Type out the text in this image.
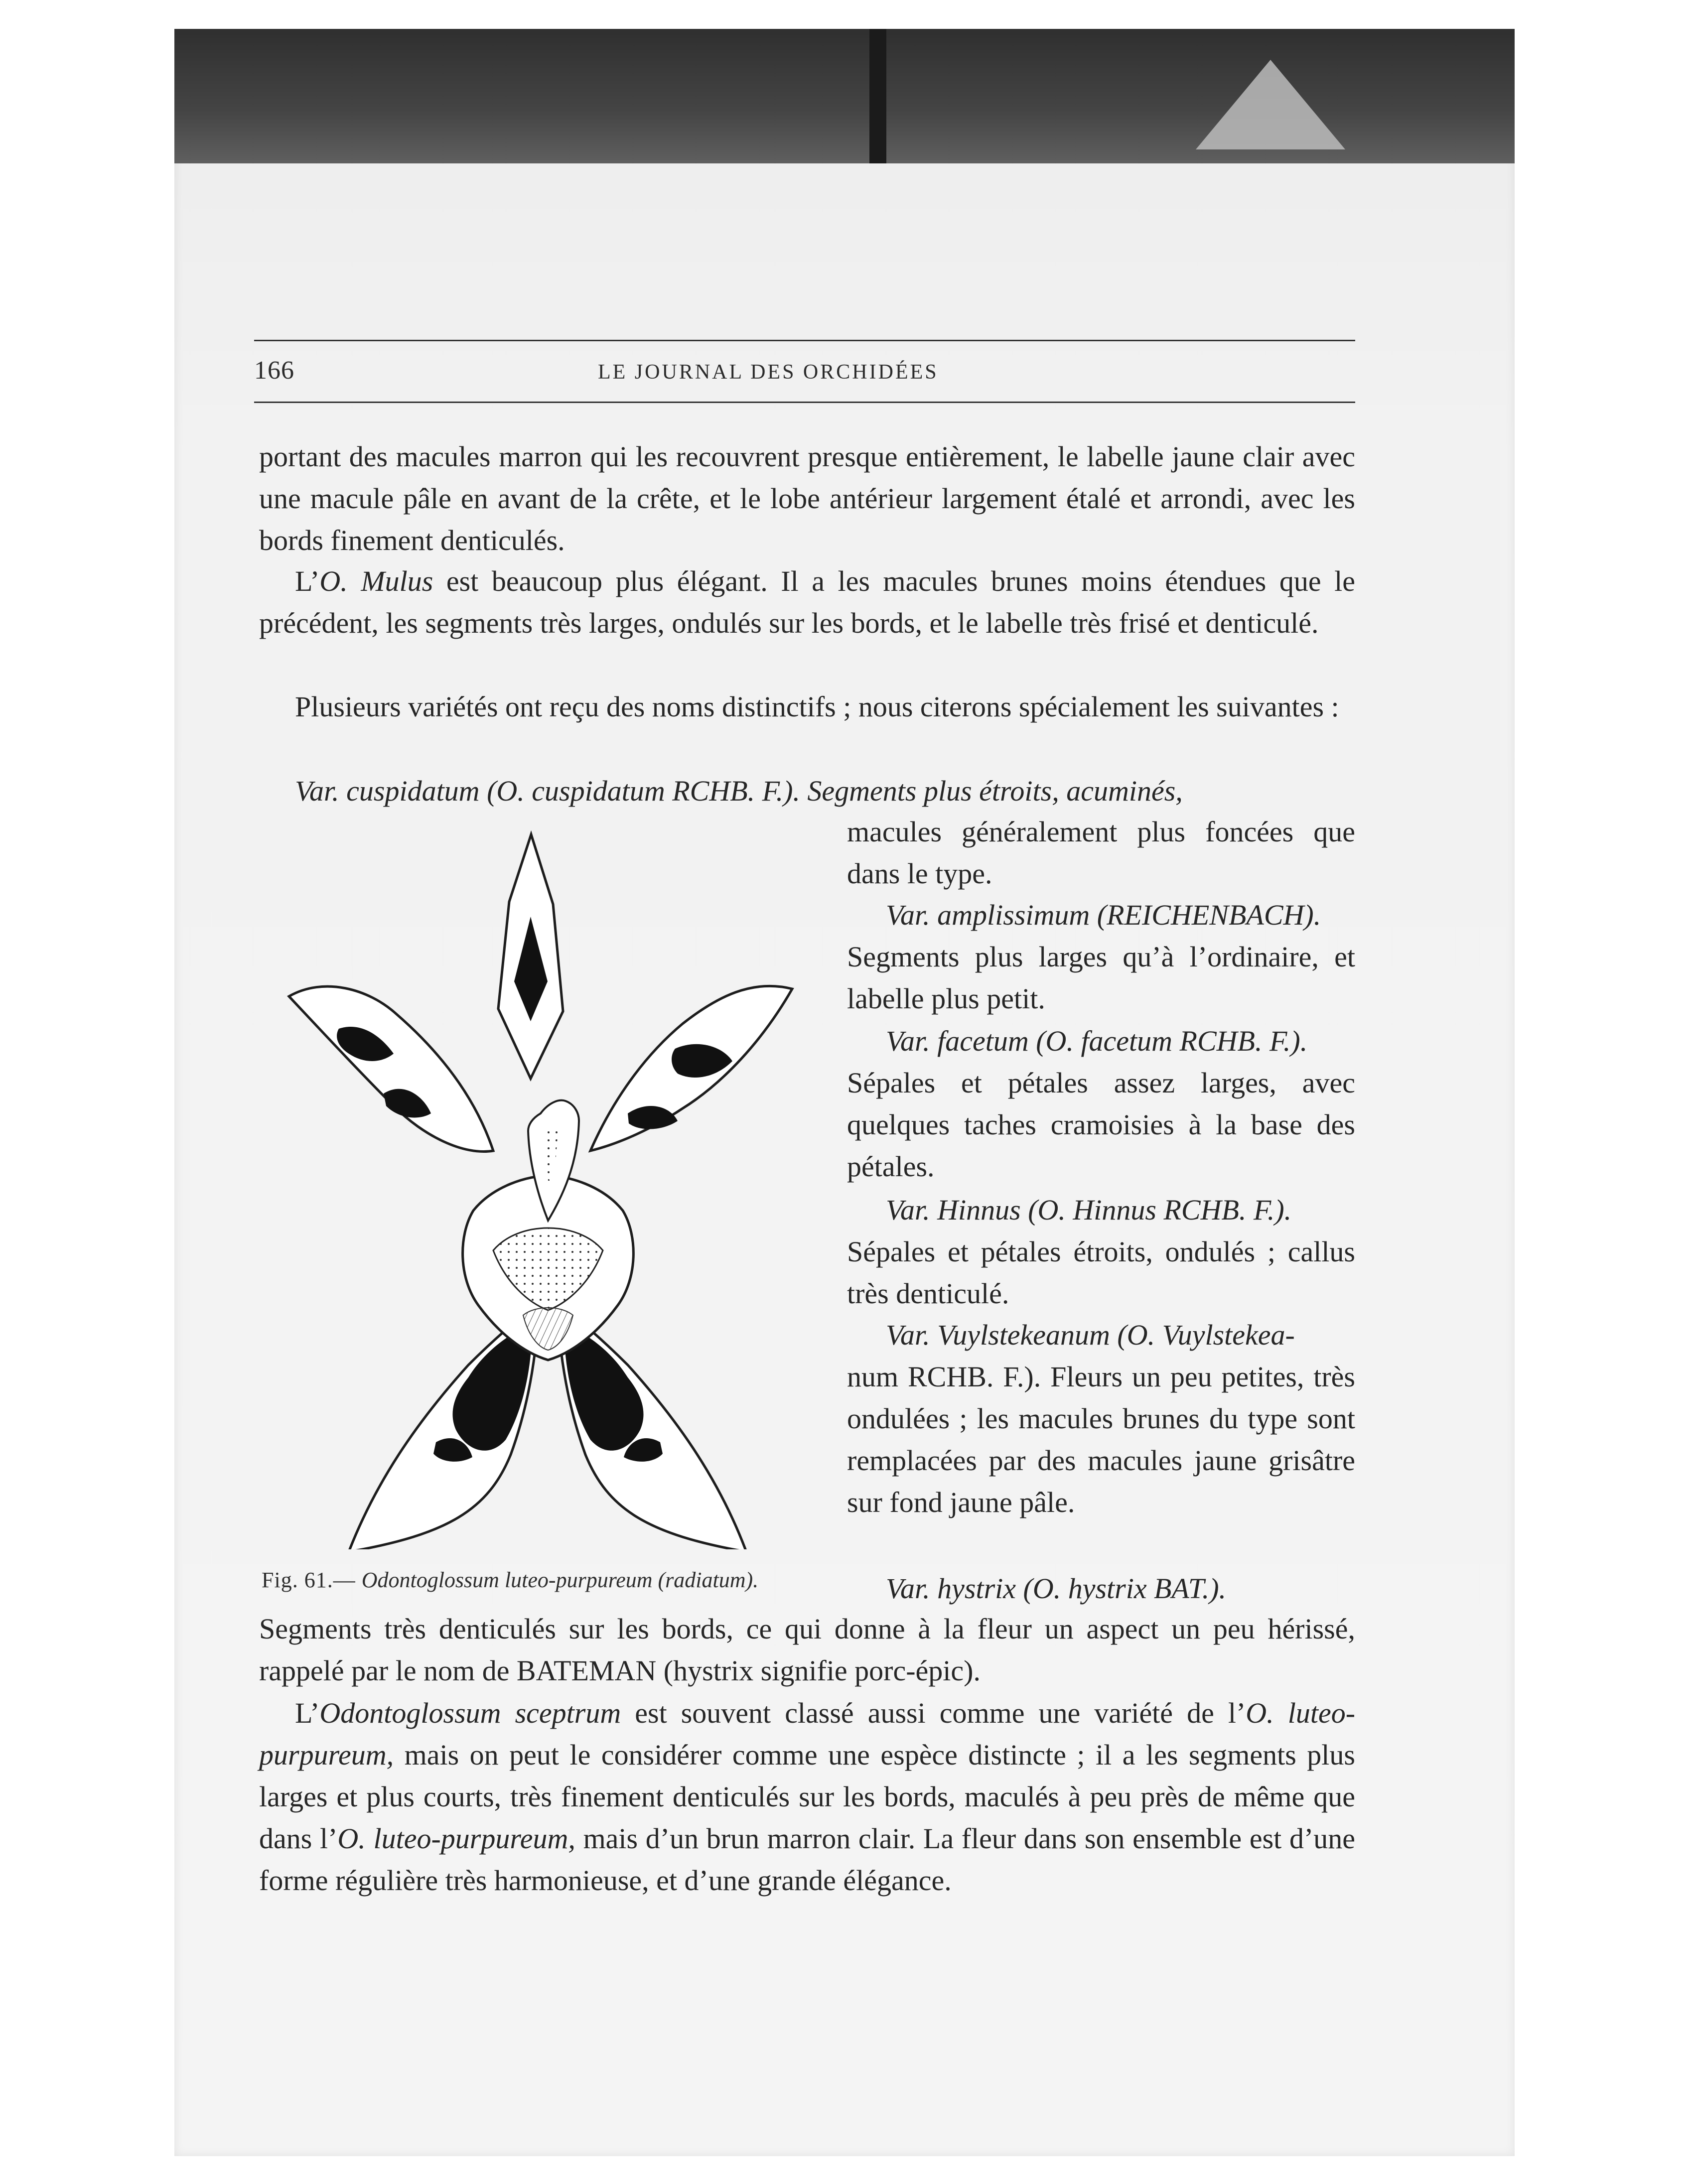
166	LE JOURNAL DES ORCHIDÉES
portant des macules marron qui les recouvrent presque entièrement, le labelle jaune clair avec une macule pâle en avant de la crête, et le lobe antérieur largement étalé et arrondi, avec les bords finement denticulés.
L’O. Mulus est beaucoup plus élégant. Il a les macules brunes moins étendues que le précédent, les segments très larges, ondulés sur les bords, et le labelle très frisé et denticulé.
Plusieurs variétés ont reçu des noms distinctifs ; nous citerons spécialement les suivantes :
Var. cuspidatum (O. cuspidatum RCHB. F.). Segments plus étroits, acuminés,
Fig. 61.— Odontoglossum luteo-purpureum (radiatum).
macules généralement plus foncées que dans le type.
Var. amplissimum (REICHENBACH).
Segments plus larges qu’à l’ordinaire, et labelle plus petit.
Var. facetum (O. facetum RCHB. F.).
Sépales et pétales assez larges, avec quelques taches cramoisies à la base des pétales.
Var. Hinnus (O. Hinnus RCHB. F.).
Sépales et pétales étroits, ondulés ; callus très denticulé.
Var. Vuylstekeanum (O. Vuylstekea-
num RCHB. F.). Fleurs un peu petites, très ondulées ; les macules brunes du type sont remplacées par des macules jaune grisâtre sur fond jaune pâle.
Var. hystrix (O. hystrix BAT.).
Segments très denticulés sur les bords, ce qui donne à la fleur un aspect un peu hérissé, rappelé par le nom de BATEMAN (hystrix signifie porc-épic).
L’Odontoglossum sceptrum est souvent classé aussi comme une variété de l’O. luteo-purpureum, mais on peut le considérer comme une espèce distincte ; il a les segments plus larges et plus courts, très finement denticulés sur les bords, maculés à peu près de même que dans l’O. luteo-purpureum, mais d’un brun marron clair. La fleur dans son ensemble est d’une forme régulière très harmonieuse, et d’une grande élégance.
